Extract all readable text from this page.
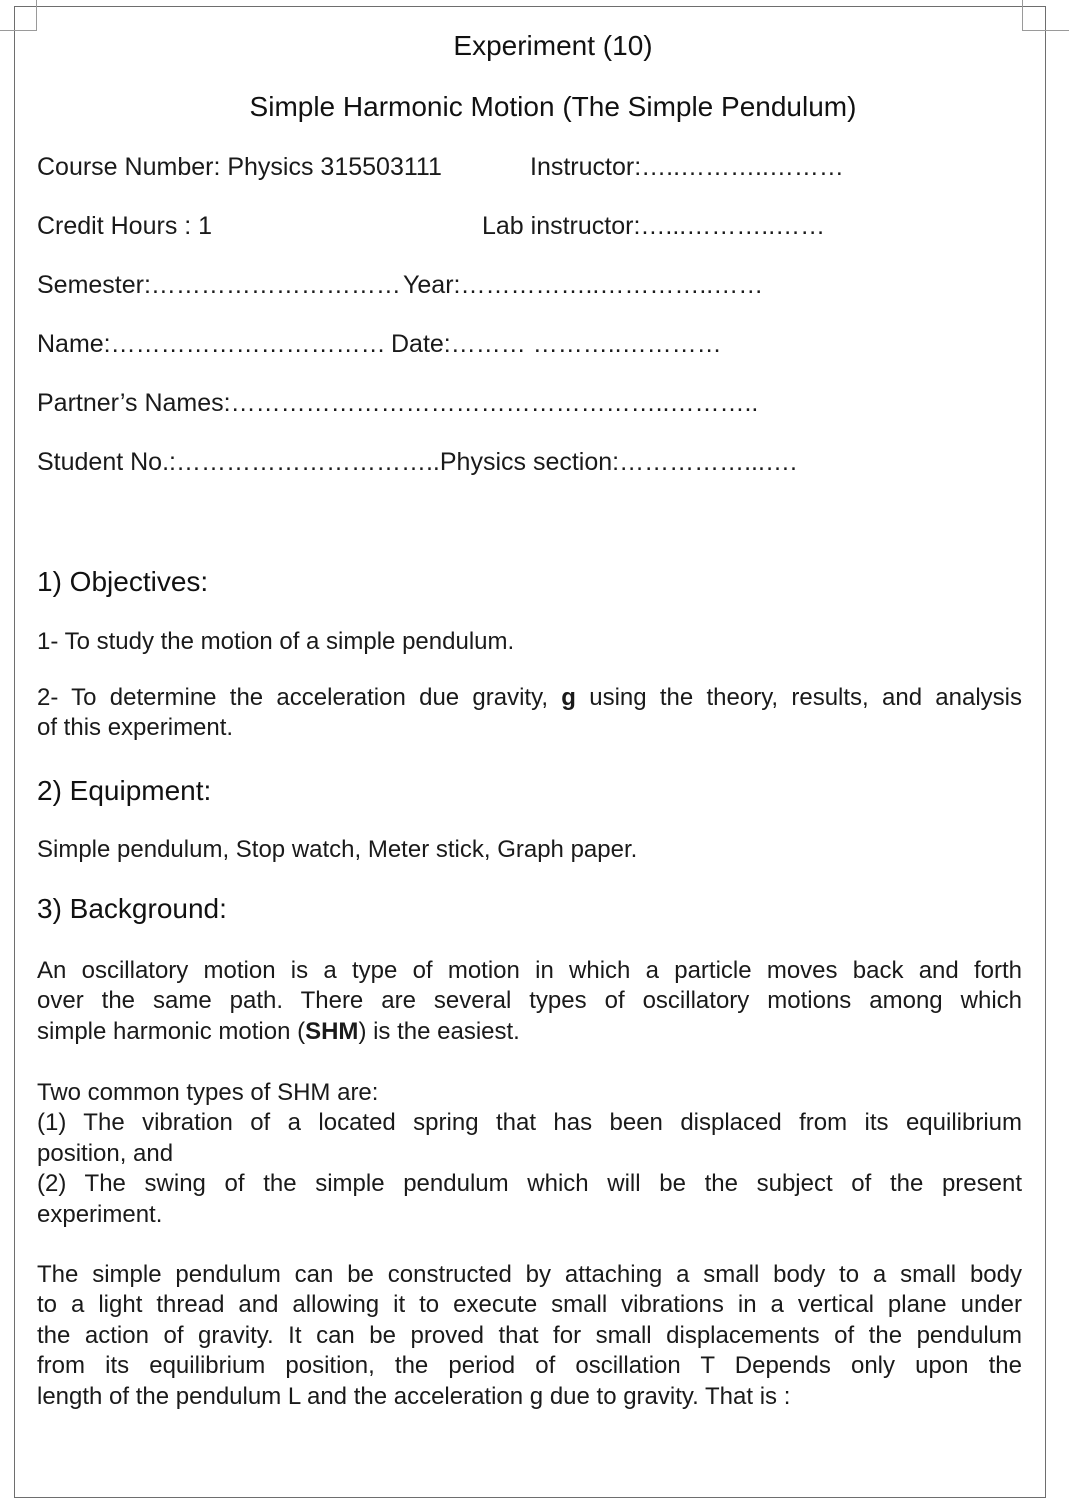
Experiment (10)
Simple Harmonic Motion (The Simple Pendulum)
Course Number: Physics 315503111	Instructor:…..………..………
Credit Hours : 1	Lab instructor:…...………..……
Semester:………………………… Year:……………..…………..……
Name:…………………………… Date:……… ………..…………
Partner’s Names:……………………………………………..………..
Student No.:…………………………..Physics section:……………...….
1) Objectives:
1- To study the motion of a simple pendulum.
2- To determine the acceleration due gravity, g using the theory, results, and analysis
of this experiment.
2) Equipment:
Simple pendulum, Stop watch, Meter stick, Graph paper.
3) Background:
An oscillatory motion is a type of motion in which a particle moves back and forth
over the same path. There are several types of oscillatory motions among which
simple harmonic motion (SHM) is the easiest.
Two common types of SHM are:
(1) The vibration of a located spring that has been displaced from its equilibrium
position, and
(2) The swing of the simple pendulum which will be the subject of the present
experiment.
The simple pendulum can be constructed by attaching a small body to a small body
to a light thread and allowing it to execute small vibrations in a vertical plane under
the action of gravity. It can be proved that for small displacements of the pendulum
from its equilibrium position, the period of oscillation T Depends only upon the
length of the pendulum L and the acceleration g due to gravity. That is :
